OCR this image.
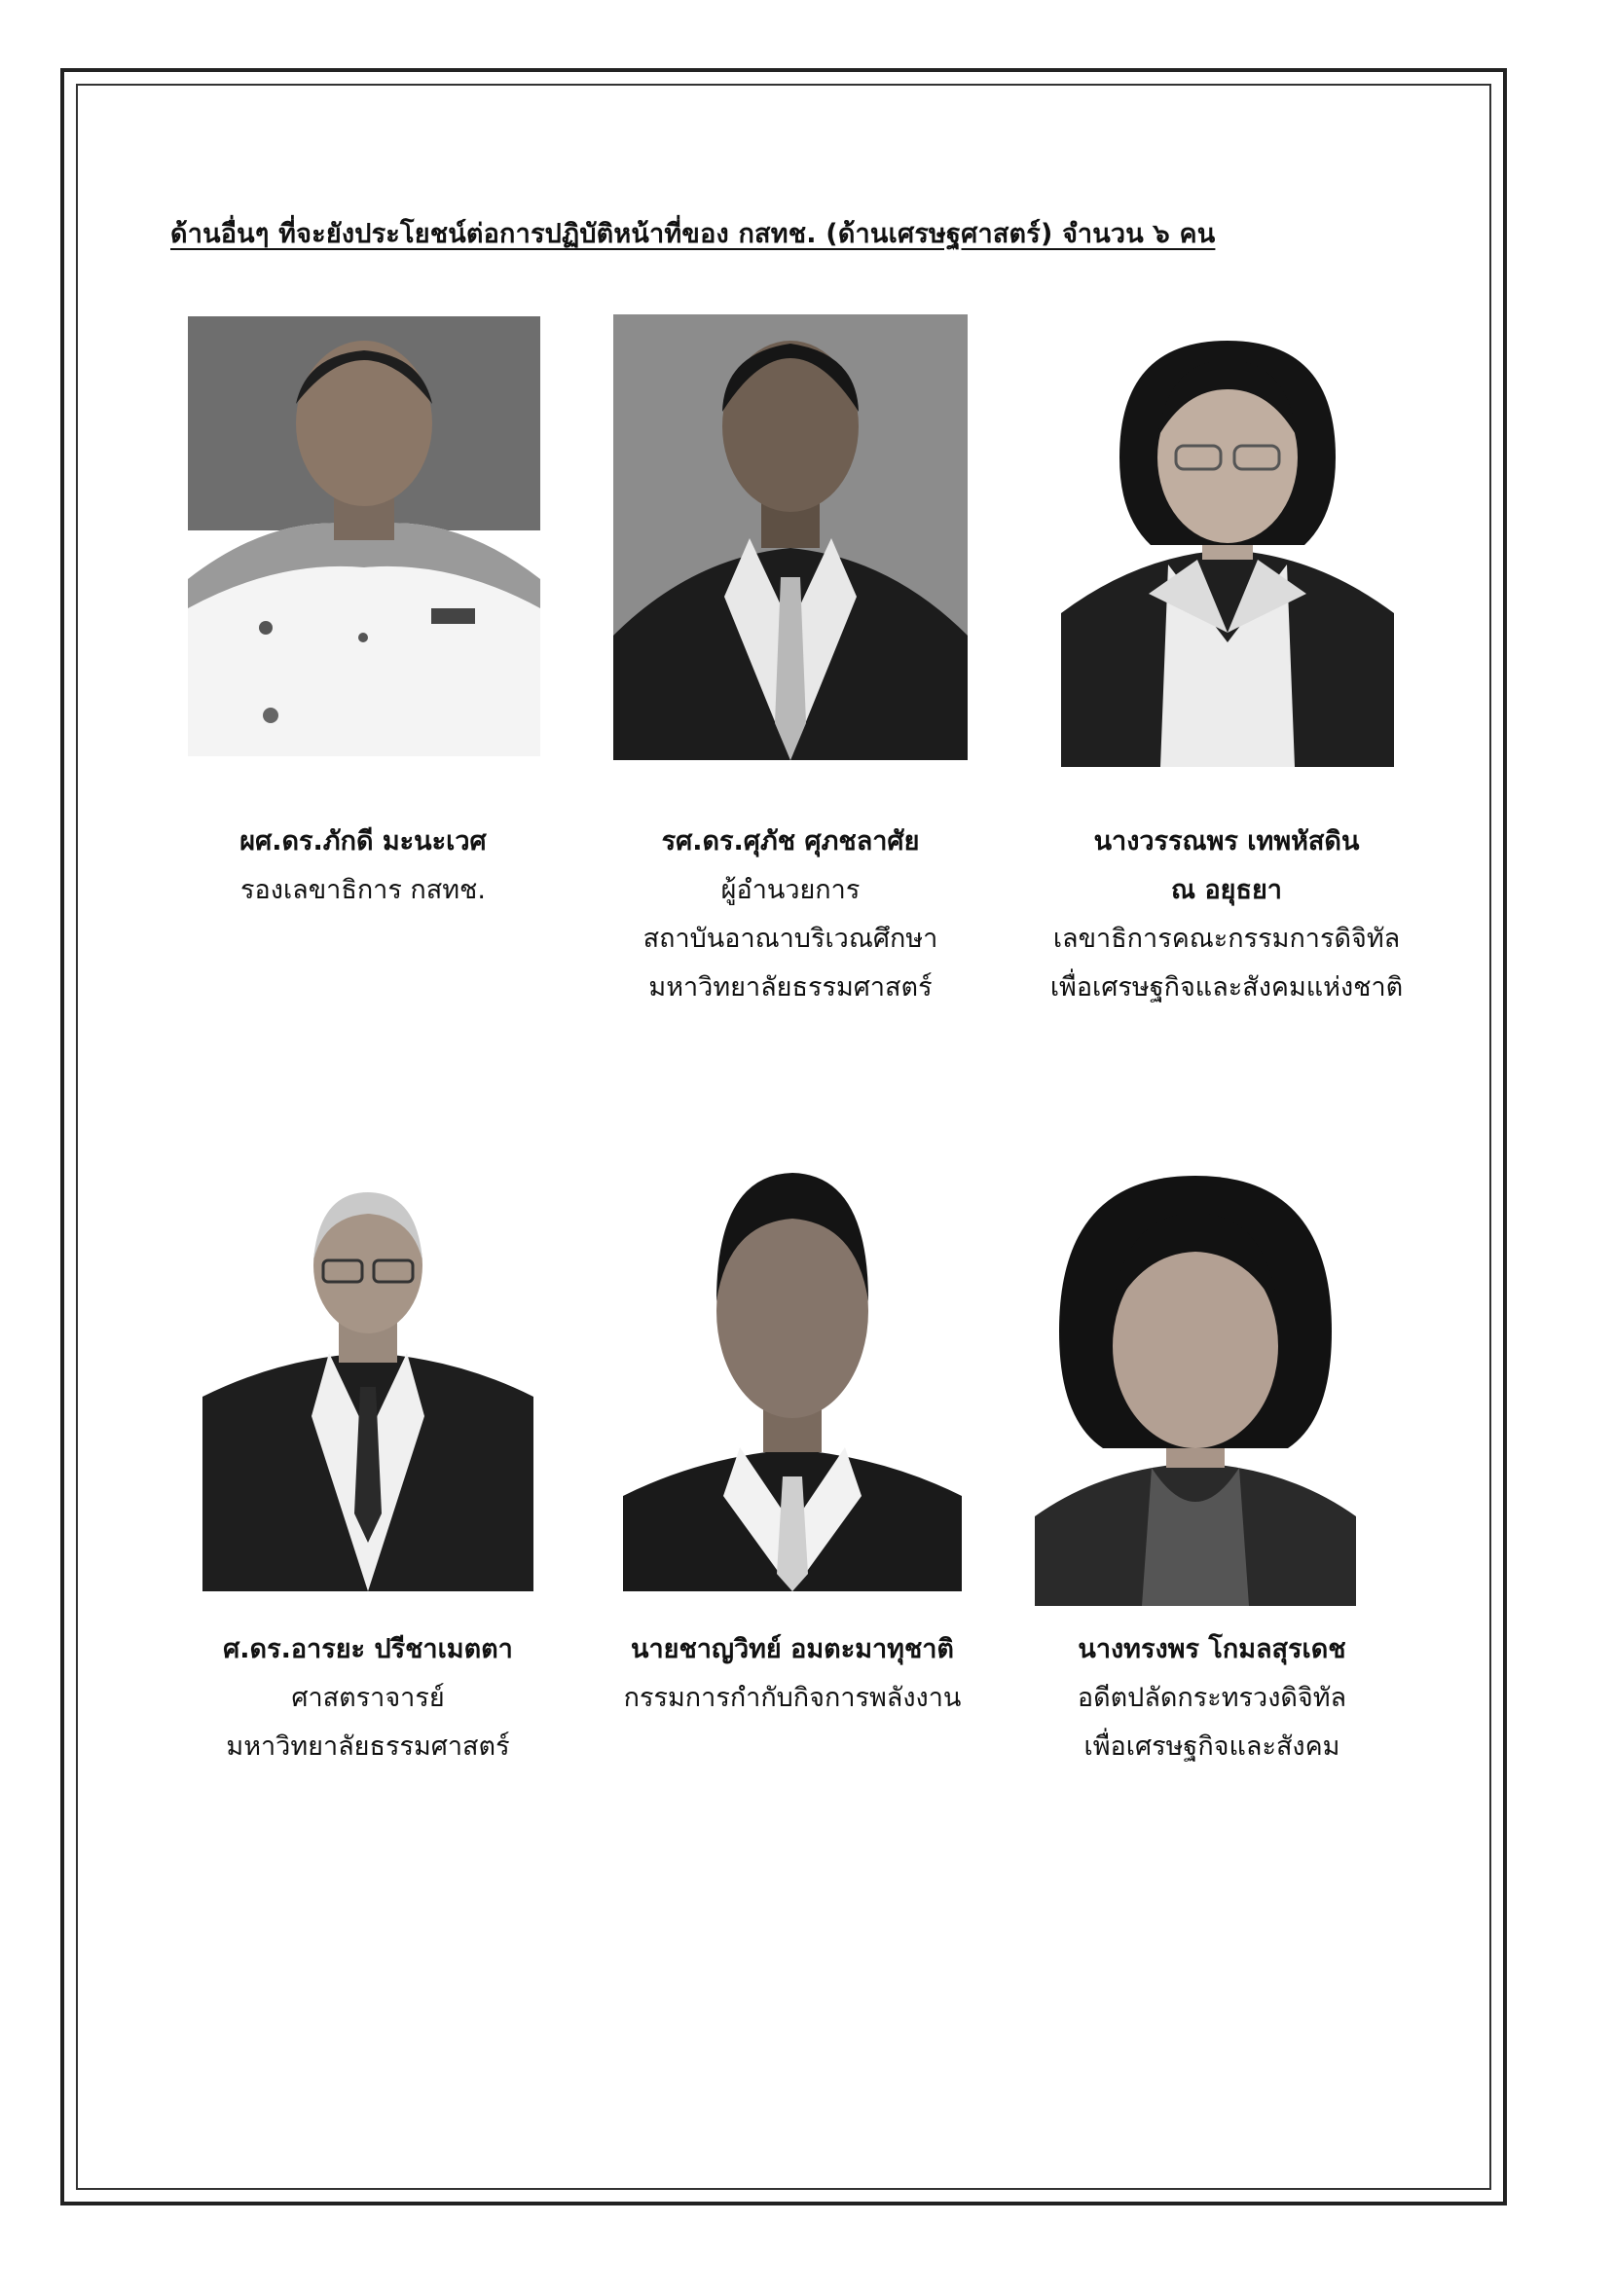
ด้านอื่นๆ ที่จะยังประโยชน์ต่อการปฏิบัติหน้าที่ของ กสทช. (ด้านเศรษฐศาสตร์) จำนวน ๖ คน
ผศ.ดร.ภักดี มะนะเวศ
รองเลขาธิการ กสทช.
รศ.ดร.ศุภัช ศุภชลาศัย
ผู้อำนวยการ
สถาบันอาณาบริเวณศึกษา
มหาวิทยาลัยธรรมศาสตร์
นางวรรณพร เทพหัสดิน
ณ อยุธยา
เลขาธิการคณะกรรมการดิจิทัล
เพื่อเศรษฐกิจและสังคมแห่งชาติ
ศ.ดร.อารยะ ปรีชาเมตตา
ศาสตราจารย์
มหาวิทยาลัยธรรมศาสตร์
นายชาญวิทย์ อมตะมาทุชาติ
กรรมการกำกับกิจการพลังงาน
นางทรงพร โกมลสุรเดช
อดีตปลัดกระทรวงดิจิทัล
เพื่อเศรษฐกิจและสังคม
